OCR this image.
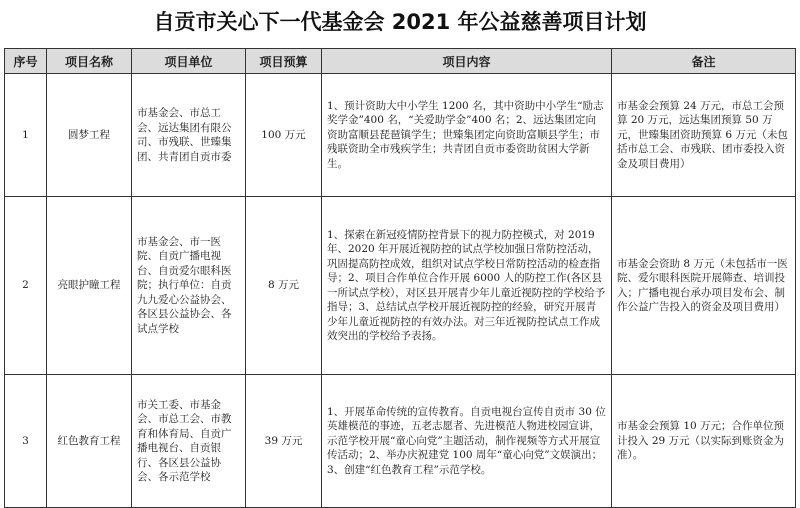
自贡市关心下一代基金会 2021 年公益慈善项目计划
序号	项目名称	项目单位	项目预算	项目内容	备注
1	圆梦工程	市基金会、市总工会、远达集团有限公司、市残联、世臻集团、共青团自贡市委	100 万元	1、预计资助大中小学生 1200 名，其中资助中小学生“励志奖学金”400 名，“关爱助学金”400 名；2、远达集团定向资助富顺县琵琶镇学生；世臻集团定向资助富顺县学生；市残联资助全市残疾学生；共青团自贡市委资助贫困大学新生。	市基金会预算 24 万元，市总工会预算 20 万元，远达集团预算 50 万元，世臻集团资助预算 6 万元（未包括市总工会、市残联、团市委投入资金及项目费用）
2	亮眼护瞳工程	市基金会、市一医院、自贡广播电视台、自贡爱尔眼科医院；执行单位：自贡九九爱心公益协会、各区县公益协会、各试点学校	8 万元	1、探索在新冠疫情防控背景下的视力防控模式，对 2019 年、2020 年开展近视防控的试点学校加强日常防控活动，巩固提高防控成效，组织对试点学校日常防控活动的检查指导；2、项目合作单位合作开展 6000 人的防控工作(各区县一所试点学校），对区县开展青少年儿童近视防控的学校给予指导；3、总结试点学校开展近视防控的经验，研究开展青少年儿童近视防控的有效办法。对三年近视防控试点工作成效突出的学校给予表扬。	市基金会资助 8 万元（未包括市一医院、爱尔眼科医院开展筛查、培训投入；广播电视台承办项目发布会、制作公益广告投入的资金及项目费用）
3	红色教育工程	市关工委、市基金会、市总工会、市教育和体育局、自贡广播电视台、自贡银行、各区县公益协会、各示范学校	39 万元	1、开展革命传统的宣传教育。自贡电视台宣传自贡市 30 位英雄模范的事迹，五老志愿者、先进模范人物进校园宣讲，示范学校开展“童心向党”主题活动，制作视频等方式开展宣传活动；2、举办庆祝建党 100 周年“童心向党”文娱演出；3、创建“红色教育工程”示范学校。	市基金会预算 10 万元；合作单位预计投入 29 万元（以实际到账资金为准）。
